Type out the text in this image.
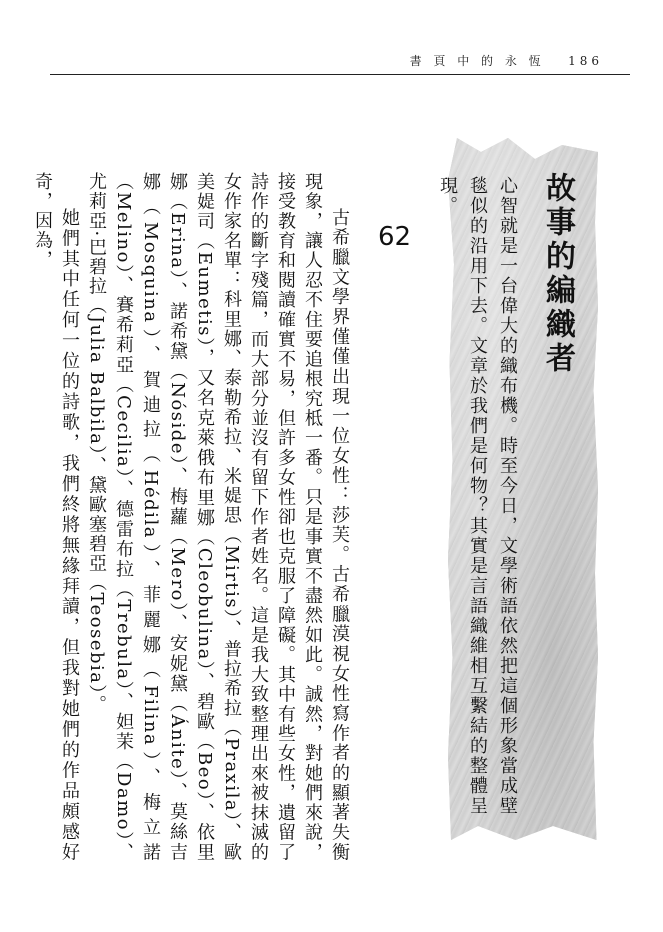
書 頁 中 的 永 恆 186
故事的編織者
心智就是一台偉大的織布機。時至今日，文學術語依然把這個形象當成壁毯似的沿用下去。文章於我們是何物？其實是言語織維相互繫結的整體呈現。
62

古希臘文學界僅僅出現一位女性：莎芙。古希臘漠視女性寫作者的顯著失衡現象，讓人忍不住要追根究柢一番。只是事實不盡然如此。誠然，對她們來說，接受教育和閱讀確實不易，但許多女性卻也克服了障礙。其中有些女性，遺留了詩作的斷字殘篇，而大部分並沒有留下作者姓名。這是我大致整理出來被抹滅的女作家名單：科里娜、泰勒希拉、米媞思（Mirtis）、普拉希拉（Praxila）、歐美媞司（Eumetis），又名克萊俄布里娜（Cleobulina）、碧歐（Beo）、依里娜（Erina）、諾希黛（Nóside）、梅蘿（Mero）、安妮黛（Ánite）、莫絲吉娜（Mosquina）、賀迪拉（Hédila）、菲麗娜（Filina）、梅立諾（Melino）、賽希莉亞（Cecilia）、德雷布拉（Trebula）、妲茉（Damo）、尤莉亞·巴碧拉（Julia Balbila）、黛歐塞碧亞（Teosebia）。

她們其中任何一位的詩歌，我們終將無緣拜讀，但我對她們的作品頗感好奇，因為，
